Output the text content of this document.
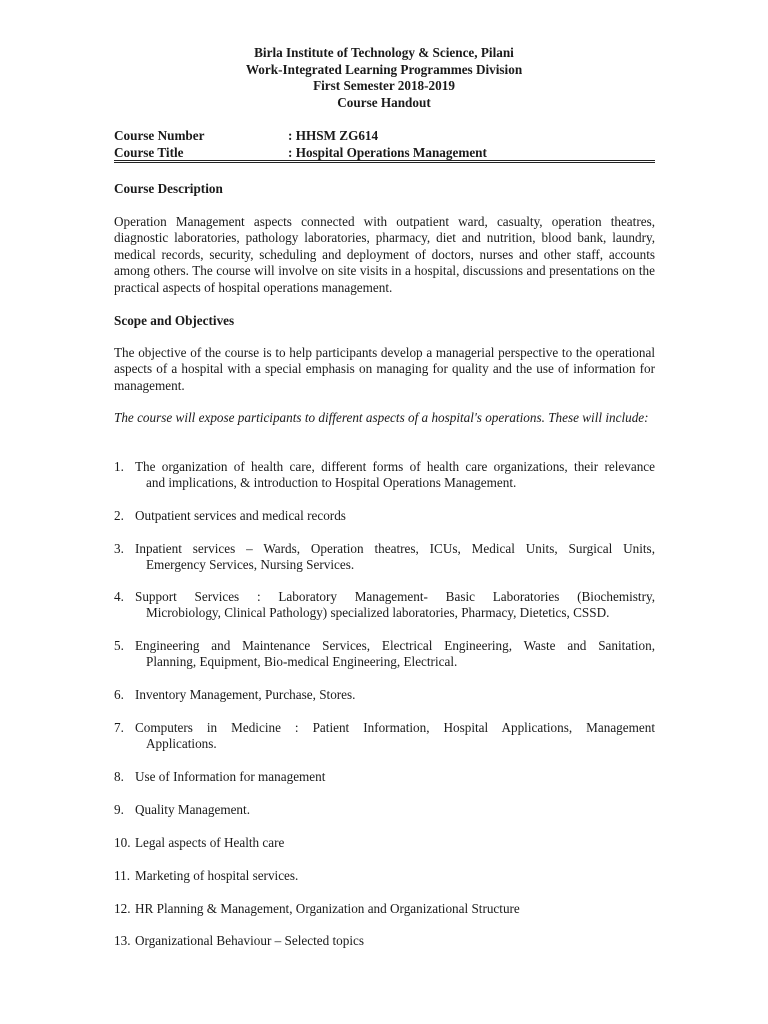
Birla Institute of Technology & Science, Pilani
Work-Integrated Learning Programmes Division
First Semester 2018-2019
Course Handout
Course Number	: HHSM ZG614
Course Title	: Hospital Operations Management
Course Description
Operation Management aspects connected with outpatient ward, casualty, operation theatres, diagnostic laboratories, pathology laboratories, pharmacy, diet and nutrition, blood bank, laundry, medical records, security, scheduling and deployment of doctors, nurses and other staff, accounts among others. The course will involve on site visits in a hospital, discussions and presentations on the practical aspects of hospital operations management.
Scope and Objectives
The objective of the course is to help participants develop a managerial perspective to the operational aspects of a hospital with a special emphasis on managing for quality and the use of information for management.
The course will expose participants to different aspects of a hospital's operations. These will include:
1. The organization of health care, different forms of health care organizations, their relevance
and implications, & introduction to Hospital Operations Management.
2. Outpatient services and medical records
3. Inpatient services – Wards, Operation theatres, ICUs, Medical Units, Surgical Units,
Emergency Services, Nursing Services.
4. Support Services : Laboratory Management- Basic Laboratories (Biochemistry,
Microbiology, Clinical Pathology) specialized laboratories, Pharmacy, Dietetics, CSSD.
5. Engineering and Maintenance Services, Electrical Engineering, Waste and Sanitation,
Planning, Equipment, Bio-medical Engineering, Electrical.
6. Inventory Management, Purchase, Stores.
7. Computers in Medicine : Patient Information, Hospital Applications, Management
Applications.
8. Use of Information for management
9. Quality Management.
10. Legal aspects of Health care
11. Marketing of hospital services.
12. HR Planning & Management, Organization and Organizational Structure
13. Organizational Behaviour – Selected topics
